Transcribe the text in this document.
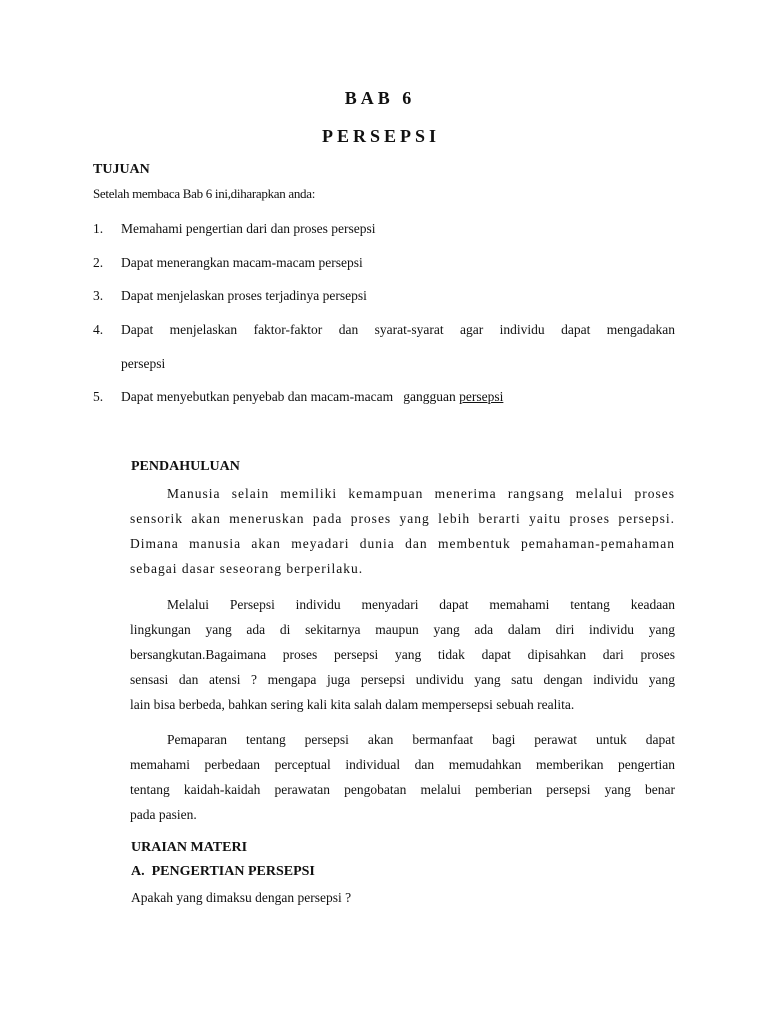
BAB 6
PERSEPSI
TUJUAN
Setelah membaca Bab 6 ini,diharapkan anda:
1. Memahami pengertian dari dan proses persepsi
2. Dapat menerangkan macam-macam persepsi
3. Dapat menjelaskan proses terjadinya persepsi
4. Dapat menjelaskan faktor-faktor dan syarat-syarat agar individu dapat mengadakan
persepsi
5. Dapat menyebutkan penyebab dan macam-macam   gangguan persepsi
PENDAHULUAN
Manusia selain memiliki kemampuan menerima rangsang melalui proses
sensorik akan meneruskan pada proses yang lebih berarti yaitu proses persepsi.
Dimana manusia akan meyadari dunia dan membentuk pemahaman-pemahaman
sebagai dasar seseorang berperilaku.
Melalui Persepsi individu menyadari dapat memahami tentang keadaan
lingkungan yang ada di sekitarnya maupun yang ada dalam diri individu yang
bersangkutan.Bagaimana proses persepsi yang tidak dapat dipisahkan dari proses
sensasi dan atensi ? mengapa juga persepsi undividu yang satu dengan individu yang
lain bisa berbeda, bahkan sering kali kita salah dalam mempersepsi sebuah realita.
Pemaparan tentang persepsi akan bermanfaat bagi perawat untuk dapat
memahami perbedaan perceptual individual dan memudahkan memberikan pengertian
tentang kaidah-kaidah perawatan pengobatan melalui pemberian persepsi yang benar
pada pasien.
URAIAN MATERI
A.  PENGERTIAN PERSEPSI
Apakah yang dimaksu dengan persepsi ?
